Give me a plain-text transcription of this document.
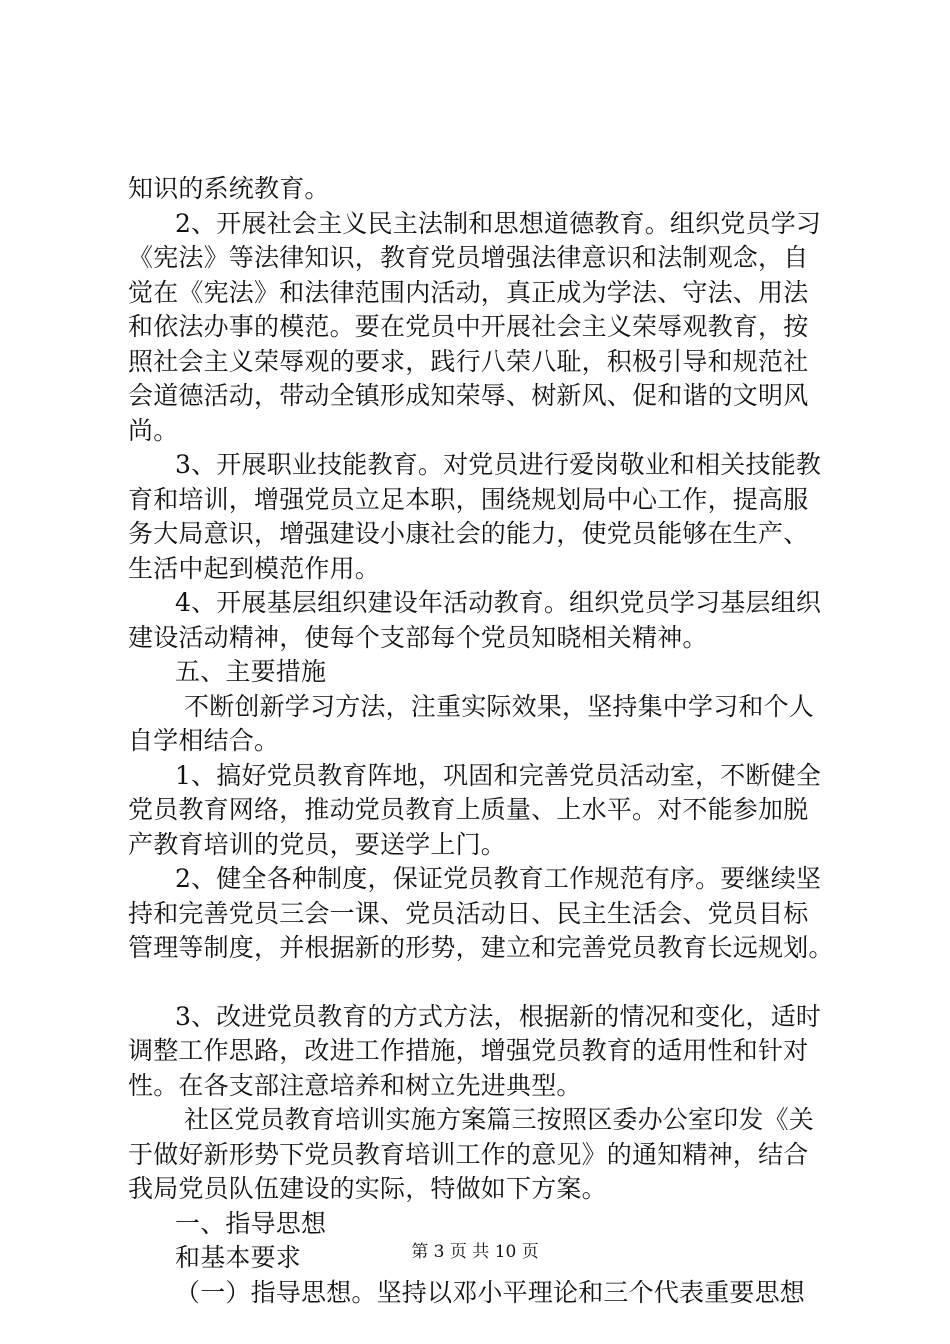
知识的系统教育。
2、开展社会主义民主法制和思想道德教育。组织党员学习
《宪法》等法律知识，教育党员增强法律意识和法制观念，自
觉在《宪法》和法律范围内活动，真正成为学法、守法、用法
和依法办事的模范。要在党员中开展社会主义荣辱观教育，按
照社会主义荣辱观的要求，践行八荣八耻，积极引导和规范社
会道德活动，带动全镇形成知荣辱、树新风、促和谐的文明风
尚。
3、开展职业技能教育。对党员进行爱岗敬业和相关技能教
育和培训，增强党员立足本职，围绕规划局中心工作，提高服
务大局意识，增强建设小康社会的能力，使党员能够在生产、
生活中起到模范作用。
4、开展基层组织建设年活动教育。组织党员学习基层组织
建设活动精神，使每个支部每个党员知晓相关精神。
五、主要措施
不断创新学习方法，注重实际效果，坚持集中学习和个人
自学相结合。
1、搞好党员教育阵地，巩固和完善党员活动室，不断健全
党员教育网络，推动党员教育上质量、上水平。对不能参加脱
产教育培训的党员，要送学上门。
2、健全各种制度，保证党员教育工作规范有序。要继续坚
持和完善党员三会一课、党员活动日、民主生活会、党员目标
管理等制度，并根据新的形势，建立和完善党员教育长远规划。
3、改进党员教育的方式方法，根据新的情况和变化，适时
调整工作思路，改进工作措施，增强党员教育的适用性和针对
性。在各支部注意培养和树立先进典型。
社区党员教育培训实施方案篇三按照区委办公室印发《关
于做好新形势下党员教育培训工作的意见》的通知精神，结合
我局党员队伍建设的实际，特做如下方案。
一、指导思想
和基本要求
（一）指导思想。坚持以邓小平理论和三个代表重要思想
第 3 页 共 10 页
